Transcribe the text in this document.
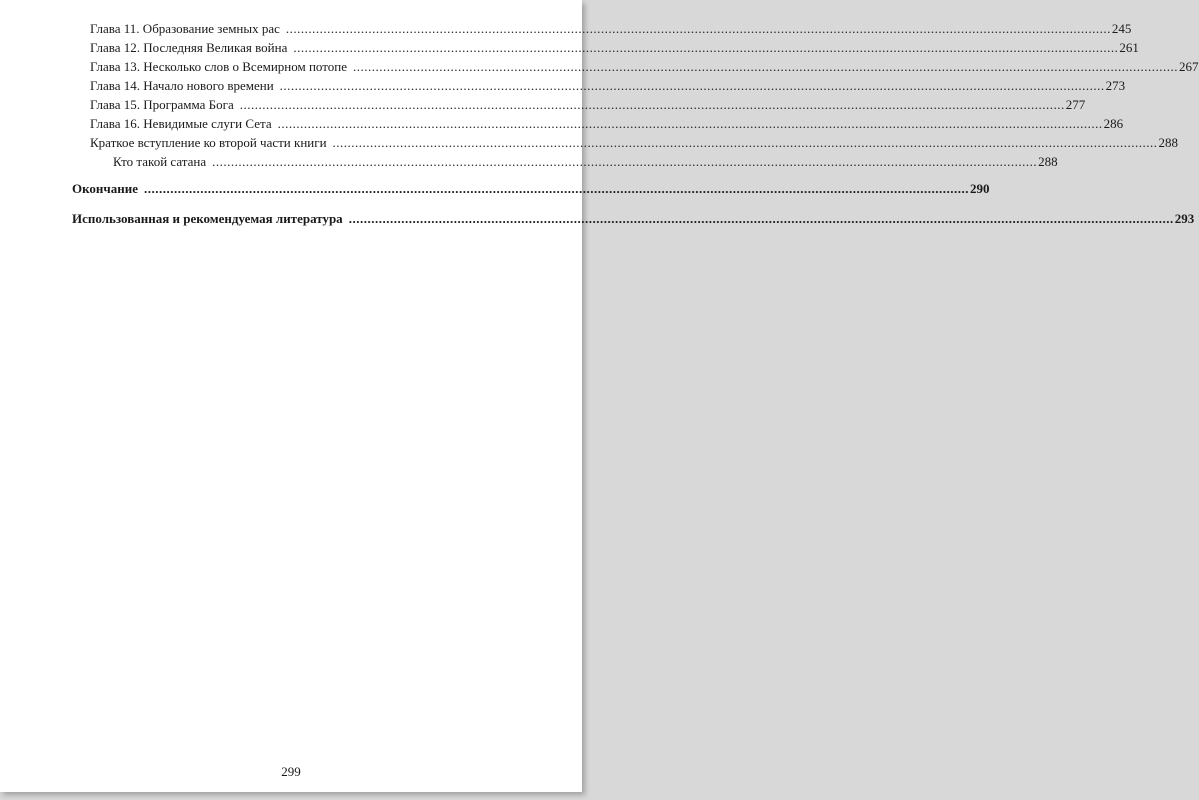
Глава 11. Образование земных рас ............................................................................................................................................................................................................................ 245
Глава 12. Последняя Великая война ............................................................................................................................................................................................................................ 261
Глава 13. Несколько слов о Всемирном потопе ............................................................................................................................................................................................................................ 267
Глава 14. Начало нового времени ............................................................................................................................................................................................................................ 273
Глава 15. Программа Бога ............................................................................................................................................................................................................................ 277
Глава 16. Невидимые слуги Сета ............................................................................................................................................................................................................................ 286
Краткое вступление ко второй части книги ............................................................................................................................................................................................................................ 288
Кто такой сатана ............................................................................................................................................................................................................................ 288
Окончание ............................................................................................................................................................................................................................ 290
Использованная и рекомендуемая литература ............................................................................................................................................................................................................................ 293
299
